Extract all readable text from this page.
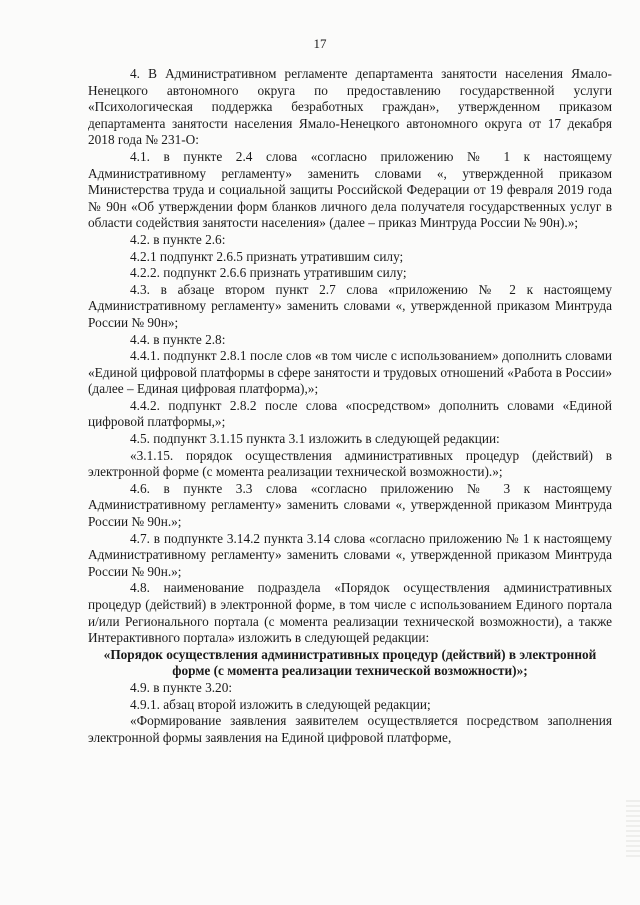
17

4. В Административном регламенте департамента занятости населения Ямало-Ненецкого автономного округа по предоставлению государственной услуги «Психологическая поддержка безработных граждан», утвержденном приказом департамента занятости населения Ямало-Ненецкого автономного округа от 17 декабря 2018 года № 231-О:

4.1. в пункте 2.4 слова «согласно приложению № 1 к настоящему Административному регламенту» заменить словами «, утвержденной приказом Министерства труда и социальной защиты Российской Федерации от 19 февраля 2019 года № 90н «Об утверждении форм бланков личного дела получателя государственных услуг в области содействия занятости населения» (далее – приказ Минтруда России № 90н).»;

4.2. в пункте 2.6:

4.2.1 подпункт 2.6.5 признать утратившим силу;

4.2.2. подпункт 2.6.6 признать утратившим силу;

4.3. в абзаце втором пункт 2.7 слова «приложению № 2 к настоящему Административному регламенту» заменить словами «, утвержденной приказом Минтруда России № 90н»;

4.4. в пункте 2.8:

4.4.1. подпункт 2.8.1 после слов «в том числе с использованием» дополнить словами «Единой цифровой платформы в сфере занятости и трудовых отношений «Работа в России» (далее – Единая цифровая платформа),»;

4.4.2. подпункт 2.8.2 после слова «посредством» дополнить словами «Единой цифровой платформы,»;

4.5. подпункт 3.1.15 пункта 3.1 изложить в следующей редакции:

«3.1.15. порядок осуществления административных процедур (действий) в электронной форме (с момента реализации технической возможности).»;

4.6. в пункте 3.3 слова «согласно приложению № 3 к настоящему Административному регламенту» заменить словами «, утвержденной приказом Минтруда России № 90н.»;

4.7. в подпункте 3.14.2 пункта 3.14 слова «согласно приложению № 1 к настоящему Административному регламенту» заменить словами «, утвержденной приказом Минтруда России № 90н.»;

4.8. наименование подраздела «Порядок осуществления административных процедур (действий) в электронной форме, в том числе с использованием Единого портала и/или Регионального портала (с момента реализации технической возможности), а также Интерактивного портала» изложить в следующей редакции:

«Порядок осуществления административных процедур (действий) в электронной форме (с момента реализации технической возможности)»;

4.9. в пункте 3.20:

4.9.1. абзац второй изложить в следующей редакции;

«Формирование заявления заявителем осуществляется посредством заполнения электронной формы заявления на Единой цифровой платформе,
